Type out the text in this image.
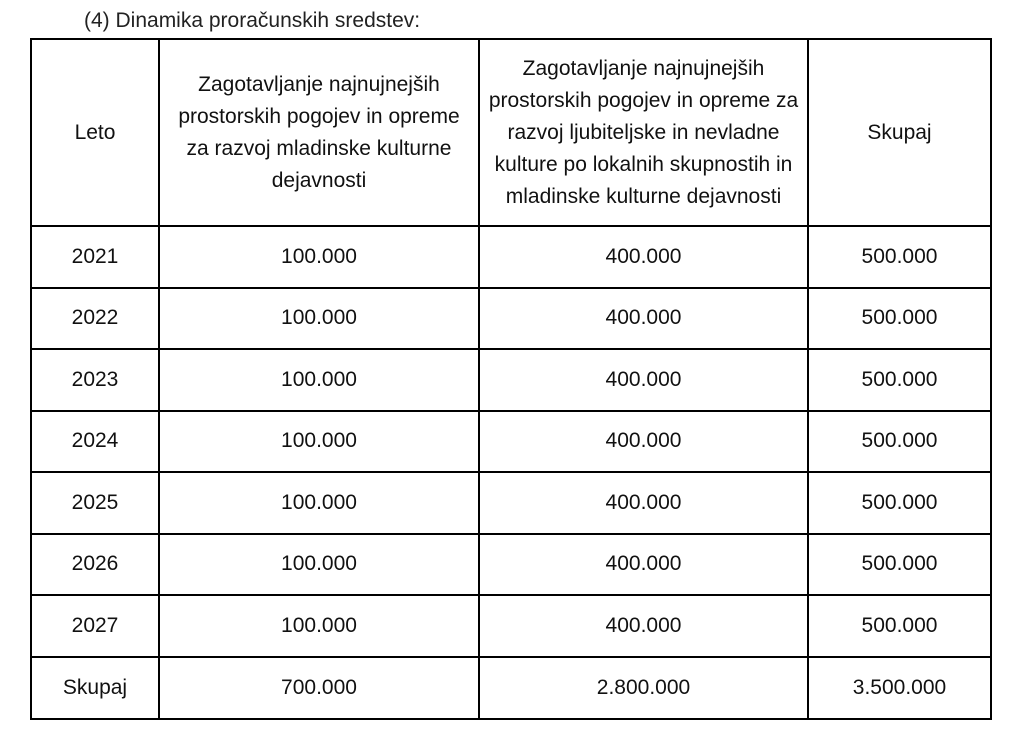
(4) Dinamika proračunskih sredstev:
Leto	Zagotavljanje najnujnejših prostorskih pogojev in opreme za razvoj mladinske kulturne dejavnosti	Zagotavljanje najnujnejših prostorskih pogojev in opreme za razvoj ljubiteljske in nevladne kulture po lokalnih skupnostih in mladinske kulturne dejavnosti	Skupaj
2021	100.000	400.000	500.000
2022	100.000	400.000	500.000
2023	100.000	400.000	500.000
2024	100.000	400.000	500.000
2025	100.000	400.000	500.000
2026	100.000	400.000	500.000
2027	100.000	400.000	500.000
Skupaj	700.000	2.800.000	3.500.000
